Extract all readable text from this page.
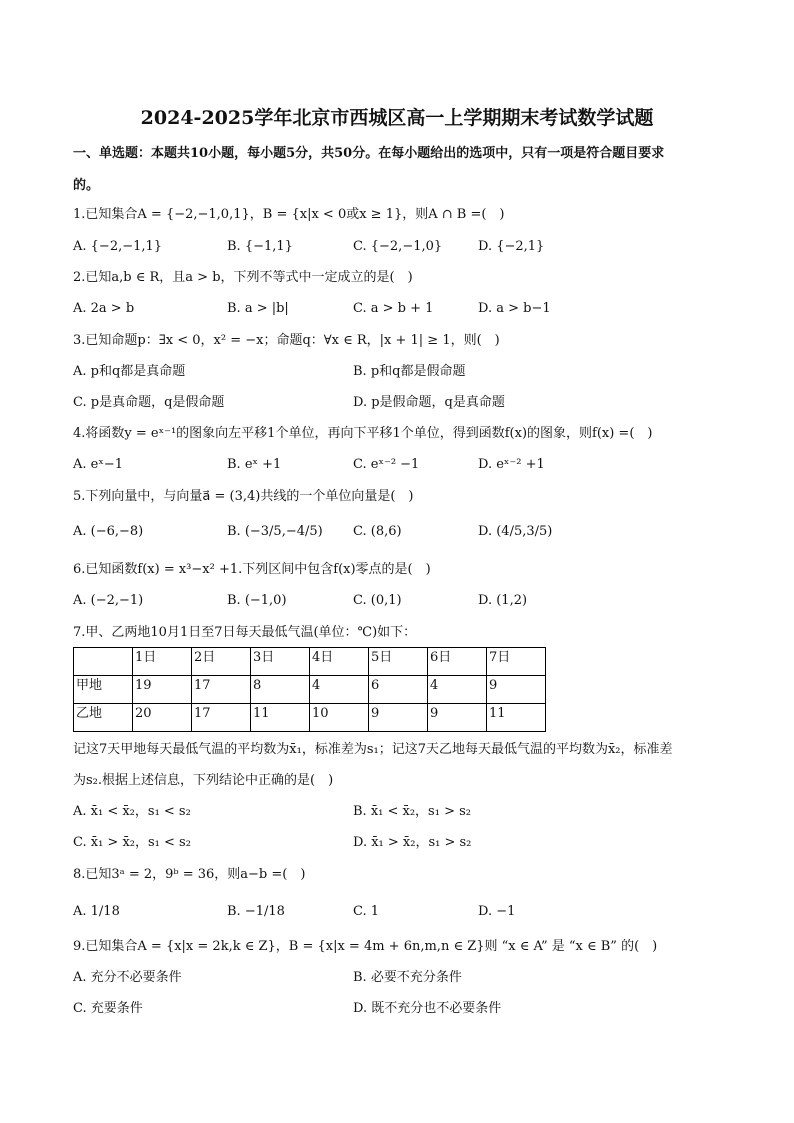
2024-2025学年北京市西城区高一上学期期末考试数学试题
一、单选题：本题共10小题，每小题5分，共50分。在每小题给出的选项中，只有一项是符合题目要求
的。
1.已知集合A = {−2,−1,0,1}，B = {x|x < 0或x ≥ 1}，则A ∩ B =(　)
A. {−2,−1,1}	B. {−1,1}	C. {−2,−1,0}	D. {−2,1}
2.已知a,b ∈ R，且a > b，下列不等式中一定成立的是(　)
A. 2a > b	B. a > |b|	C. a > b + 1	D. a > b−1
3.已知命题p：∃x < 0，x² = −x；命题q：∀x ∈ R，|x + 1| ≥ 1，则(　)
A. p和q都是真命题	B. p和q都是假命题
C. p是真命题，q是假命题	D. p是假命题，q是真命题
4.将函数y = eˣ⁻¹的图象向左平移1个单位，再向下平移1个单位，得到函数f(x)的图象，则f(x) =(　)
A. eˣ−1	B. eˣ +1	C. eˣ⁻² −1	D. eˣ⁻² +1
5.下列向量中，与向量a⃗ = (3,4)共线的一个单位向量是(　)
A. (−6,−8)	B. (−3/5,−4/5) C. (8,6)	D. (4/5,3/5)
6.已知函数f(x) = x³−x² +1.下列区间中包含f(x)零点的是(　)
A. (−2,−1)	B. (−1,0)	C. (0,1)	D. (1,2)
7.甲、乙两地10月1日至7日每天最低气温(单位：℃)如下：
	1日	2日	3日	4日	5日	6日	7日
甲地	19	17	8	4	6	4	9
乙地	20	17	11	10	9	9	11
记这7天甲地每天最低气温的平均数为x̄₁，标准差为s₁；记这7天乙地每天最低气温的平均数为x̄₂，标准差
为s₂.根据上述信息，下列结论中正确的是(　)
A. x̄₁ < x̄₂，s₁ < s₂	B. x̄₁ < x̄₂，s₁ > s₂
C. x̄₁ > x̄₂，s₁ < s₂	D. x̄₁ > x̄₂，s₁ > s₂
8.已知3ᵃ = 2，9ᵇ = 36，则a−b =(　)
A. 1/18	B. −1/18	C. 1	D. −1
9.已知集合A = {x|x = 2k,k ∈ Z}，B = {x|x = 4m + 6n,m,n ∈ Z}则 “x ∈ A” 是 “x ∈ B” 的(　)
A. 充分不必要条件	B. 必要不充分条件
C. 充要条件	D. 既不充分也不必要条件
